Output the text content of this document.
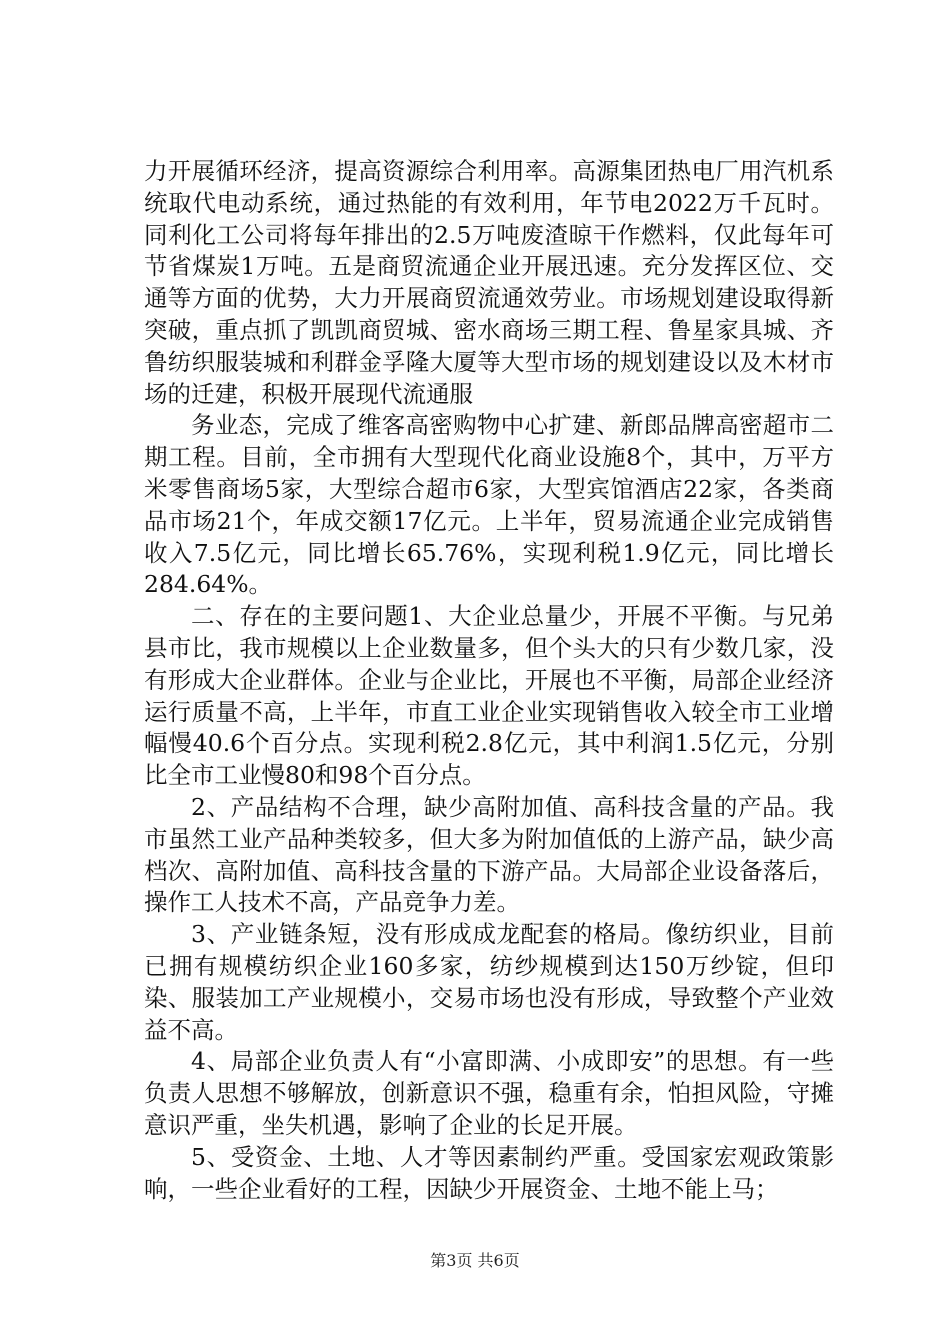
力开展循环经济，提高资源综合利用率。高源集团热电厂用汽机系统取代电动系统，通过热能的有效利用，年节电2022万千瓦时。同利化工公司将每年排出的2.5万吨废渣晾干作燃料，仅此每年可节省煤炭1万吨。五是商贸流通企业开展迅速。充分发挥区位、交通等方面的优势，大力开展商贸流通效劳业。市场规划建设取得新突破，重点抓了凯凯商贸城、密水商场三期工程、鲁星家具城、齐鲁纺织服装城和利群金孚隆大厦等大型市场的规划建设以及木材市场的迁建，积极开展现代流通服

务业态，完成了维客高密购物中心扩建、新郎品牌高密超市二期工程。目前，全市拥有大型现代化商业设施8个，其中，万平方米零售商场5家，大型综合超市6家，大型宾馆酒店22家，各类商品市场21个，年成交额17亿元。上半年，贸易流通企业完成销售收入7.5亿元，同比增长65.76%，实现利税1.9亿元，同比增长284.64%。

二、存在的主要问题1、大企业总量少，开展不平衡。与兄弟县市比，我市规模以上企业数量多，但个头大的只有少数几家，没有形成大企业群体。企业与企业比，开展也不平衡，局部企业经济运行质量不高，上半年，市直工业企业实现销售收入较全市工业增幅慢40.6个百分点。实现利税2.8亿元，其中利润1.5亿元，分别比全市工业慢80和98个百分点。

2、产品结构不合理，缺少高附加值、高科技含量的产品。我市虽然工业产品种类较多，但大多为附加值低的上游产品，缺少高档次、高附加值、高科技含量的下游产品。大局部企业设备落后，操作工人技术不高，产品竞争力差。

3、产业链条短，没有形成成龙配套的格局。像纺织业，目前已拥有规模纺织企业160多家，纺纱规模到达150万纱锭，但印染、服装加工产业规模小，交易市场也没有形成，导致整个产业效益不高。

4、局部企业负责人有“小富即满、小成即安”的思想。有一些负责人思想不够解放，创新意识不强，稳重有余，怕担风险，守摊意识严重，坐失机遇，影响了企业的长足开展。

5、受资金、土地、人才等因素制约严重。受国家宏观政策影响，一些企业看好的工程，因缺少开展资金、土地不能上马；

第3页 共6页
